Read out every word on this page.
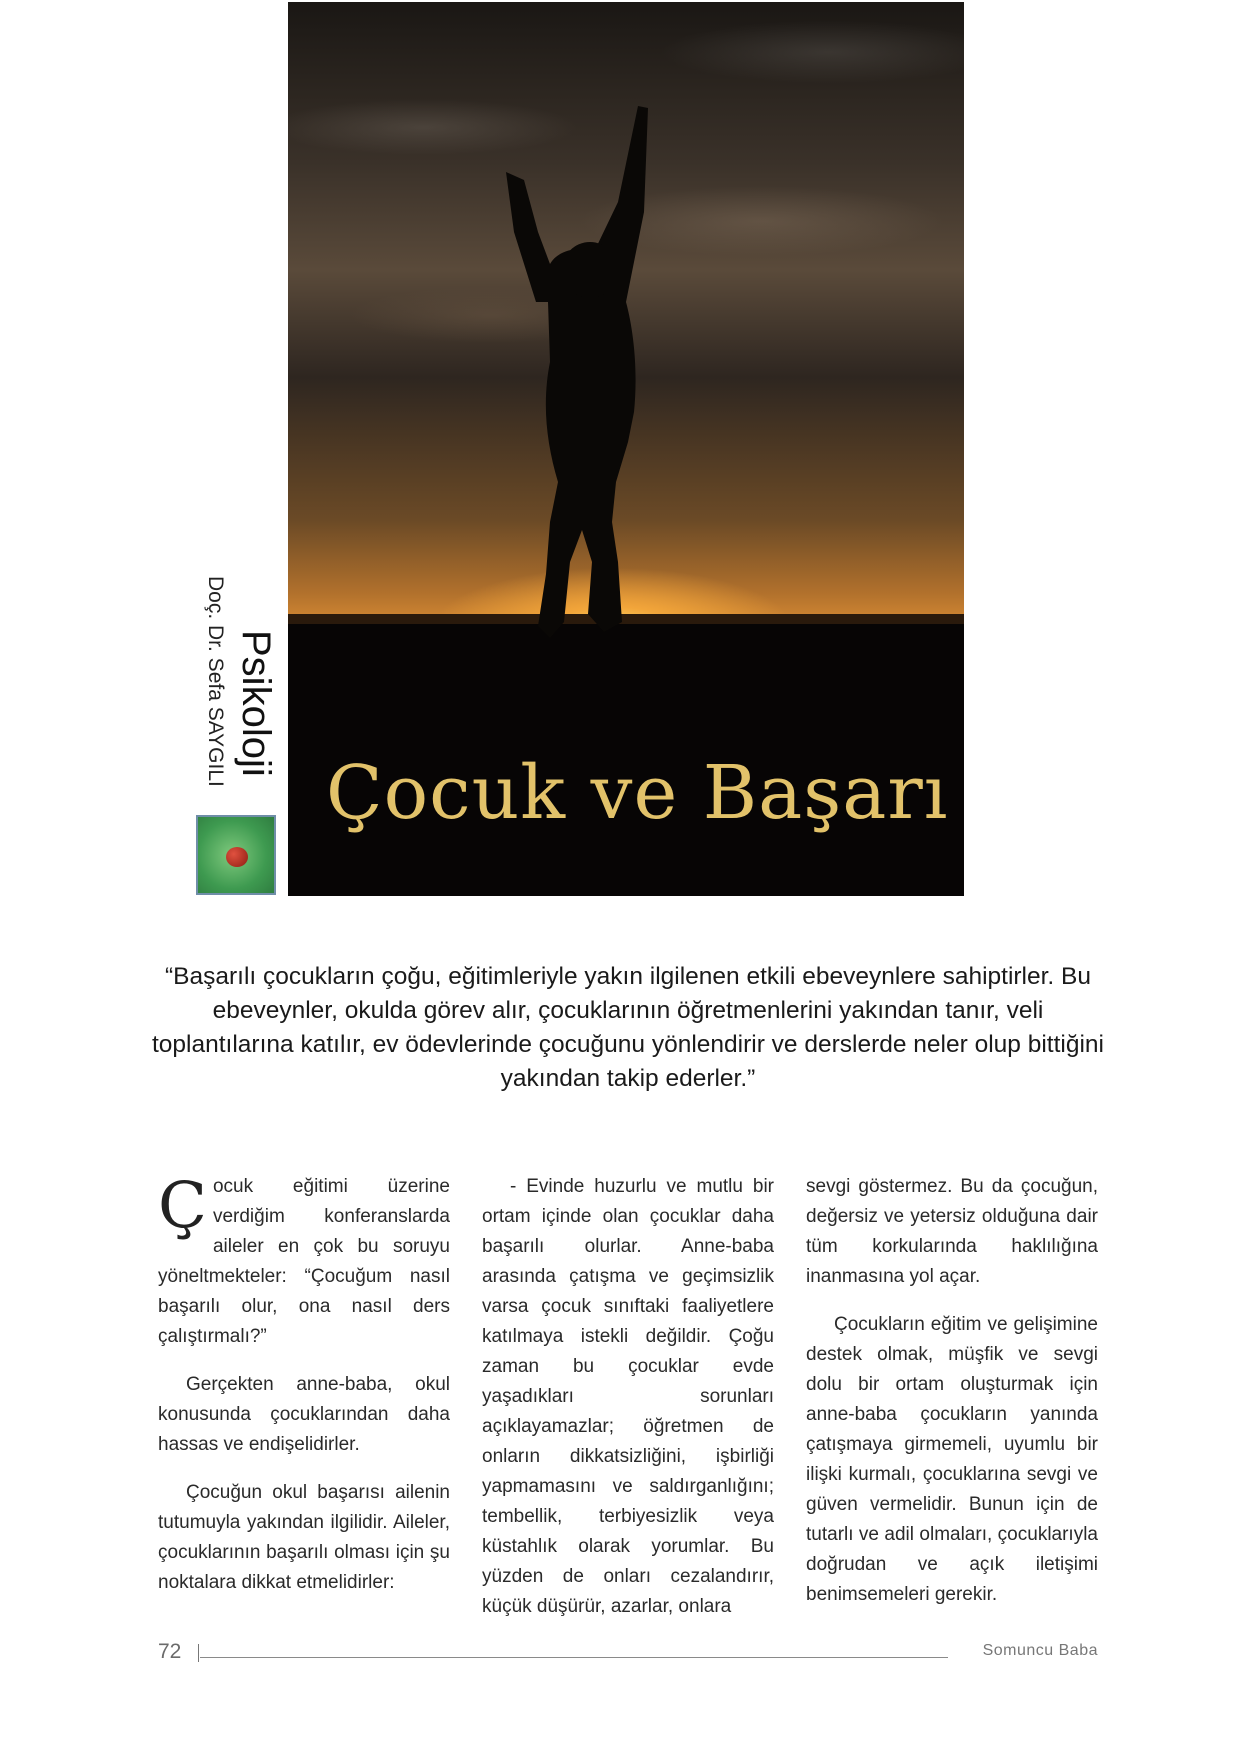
Çocuk ve Başarı
Psikoloji
Doç. Dr. Sefa SAYGILI

“Başarılı çocukların çoğu, eğitimleriyle yakın ilgilenen etkili ebeveynlere sahiptirler. Bu ebeveynler, okulda görev alır, çocuklarının öğretmenlerini yakından tanır, veli toplantılarına katılır, ev ödevlerinde çocuğunu yönlendirir ve derslerde neler olup bittiğini yakından takip ederler.”

Çocuk eğitimi üzerine verdiğim konferanslarda aileler en çok bu soruyu yöneltmekteler: “Çocuğum nasıl başarılı olur, ona nasıl ders çalıştırmalı?”

Gerçekten anne-baba, okul konusunda çocuklarından daha hassas ve endişelidirler.

Çocuğun okul başarısı ailenin tutumuyla yakından ilgilidir. Aileler, çocuklarının başarılı olması için şu noktalara dikkat etmelidirler:

- Evinde huzurlu ve mutlu bir ortam içinde olan çocuklar daha başarılı olurlar. Anne-baba arasında çatışma ve geçimsizlik varsa çocuk sınıftaki faaliyetlere katılmaya istekli değildir. Çoğu zaman bu çocuklar evde yaşadıkları sorunları açıklayamazlar; öğretmen de onların dikkatsizliğini, işbirliği yapmamasını ve saldırganlığını; tembellik, terbiyesizlik veya küstahlık olarak yorumlar. Bu yüzden de onları cezalandırır, küçük düşürür, azarlar, onlara

sevgi göstermez. Bu da çocuğun, değersiz ve yetersiz olduğuna dair tüm korkularında haklılığına inanmasına yol açar.

Çocukların eğitim ve gelişimine destek olmak, müşfik ve sevgi dolu bir ortam oluşturmak için anne-baba çocukların yanında çatışmaya girmemeli, uyumlu bir ilişki kurmalı, çocuklarına sevgi ve güven vermelidir. Bunun için de tutarlı ve adil olmaları, çocuklarıyla doğrudan ve açık iletişimi benimsemeleri gerekir.

72	Somuncu Baba
